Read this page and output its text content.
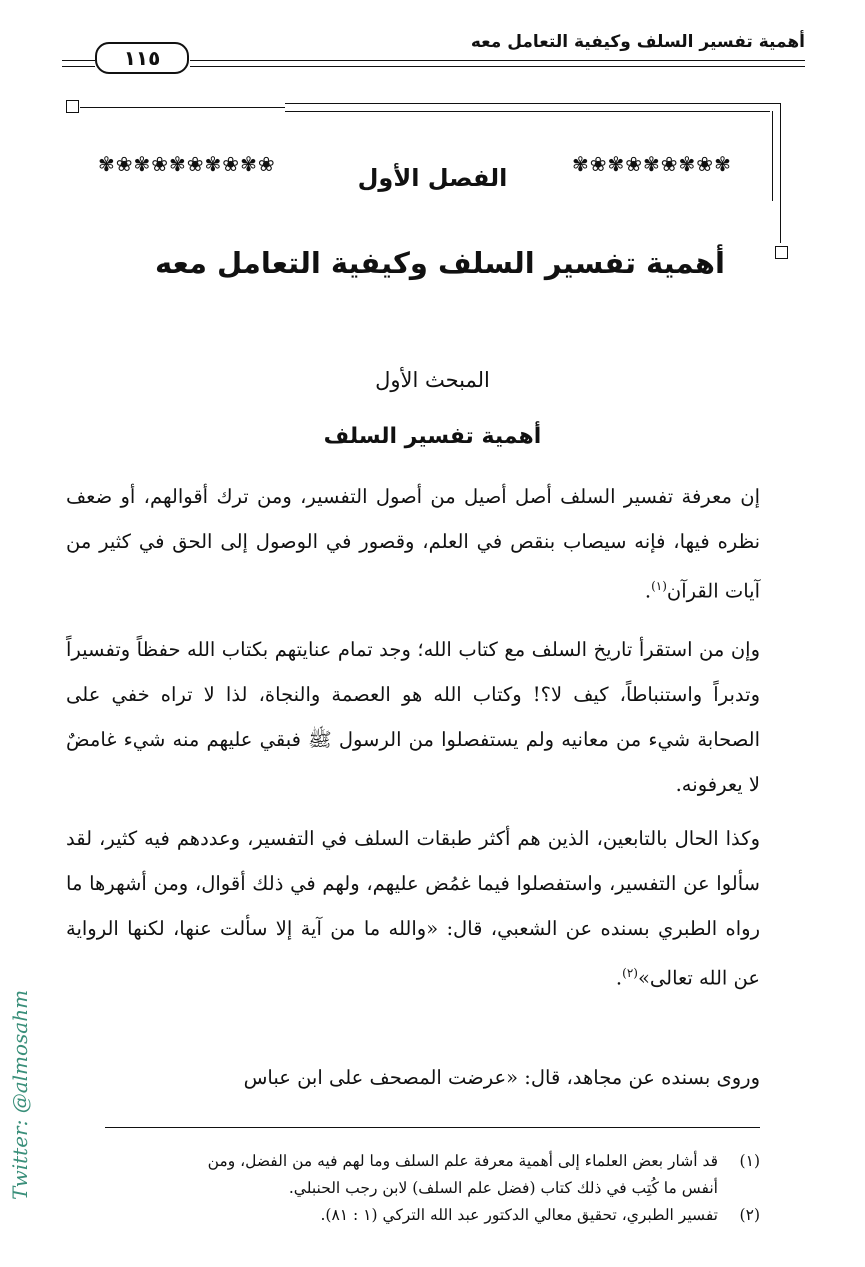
أهمية تفسير السلف وكيفية التعامل معه
١١٥
✾❀✾❀✾❀✾❀✾❀	✾❀✾❀✾❀✾❀✾
الفصل الأول
أهمية تفسير السلف وكيفية التعامل معه
المبحث الأول
أهمية تفسير السلف

إن معرفة تفسير السلف أصل أصيل من أصول التفسير، ومن ترك أقوالهم، أو ضعف نظره فيها، فإنه سيصاب بنقص في العلم، وقصور في الوصول إلى الحق في كثير من آيات القرآن$^{(١)}$.

وإن من استقرأ تاريخ السلف مع كتاب الله؛ وجد تمام عنايتهم بكتاب الله حفظاً وتفسيراً وتدبراً واستنباطاً، كيف لا؟! وكتاب الله هو العصمة والنجاة، لذا لا تراه خفي على الصحابة شيء من معانيه ولم يستفصلوا من الرسول ﷺ فبقي عليهم منه شيء غامضٌ لا يعرفونه.

وكذا الحال بالتابعين، الذين هم أكثر طبقات السلف في التفسير، وعددهم فيه كثير، لقد سألوا عن التفسير، واستفصلوا فيما غمُض عليهم، ولهم في ذلك أقوال، ومن أشهرها ما رواه الطبري بسنده عن الشعبي، قال: «والله ما من آية إلا سألت عنها، لكنها الرواية عن الله تعالى»$^{(٢)}$.

وروى بسنده عن مجاهد، قال: «عرضت المصحف على ابن عباس

(١)قد أشار بعض العلماء إلى أهمية معرفة علم السلف وما لهم فيه من الفضل، ومن

أنفس ما كُتِب في ذلك كتاب (فضل علم السلف) لابن رجب الحنبلي.

(٢)تفسير الطبري، تحقيق معالي الدكتور عبد الله التركي (١ : ٨١).

Twitter: @almosahm
